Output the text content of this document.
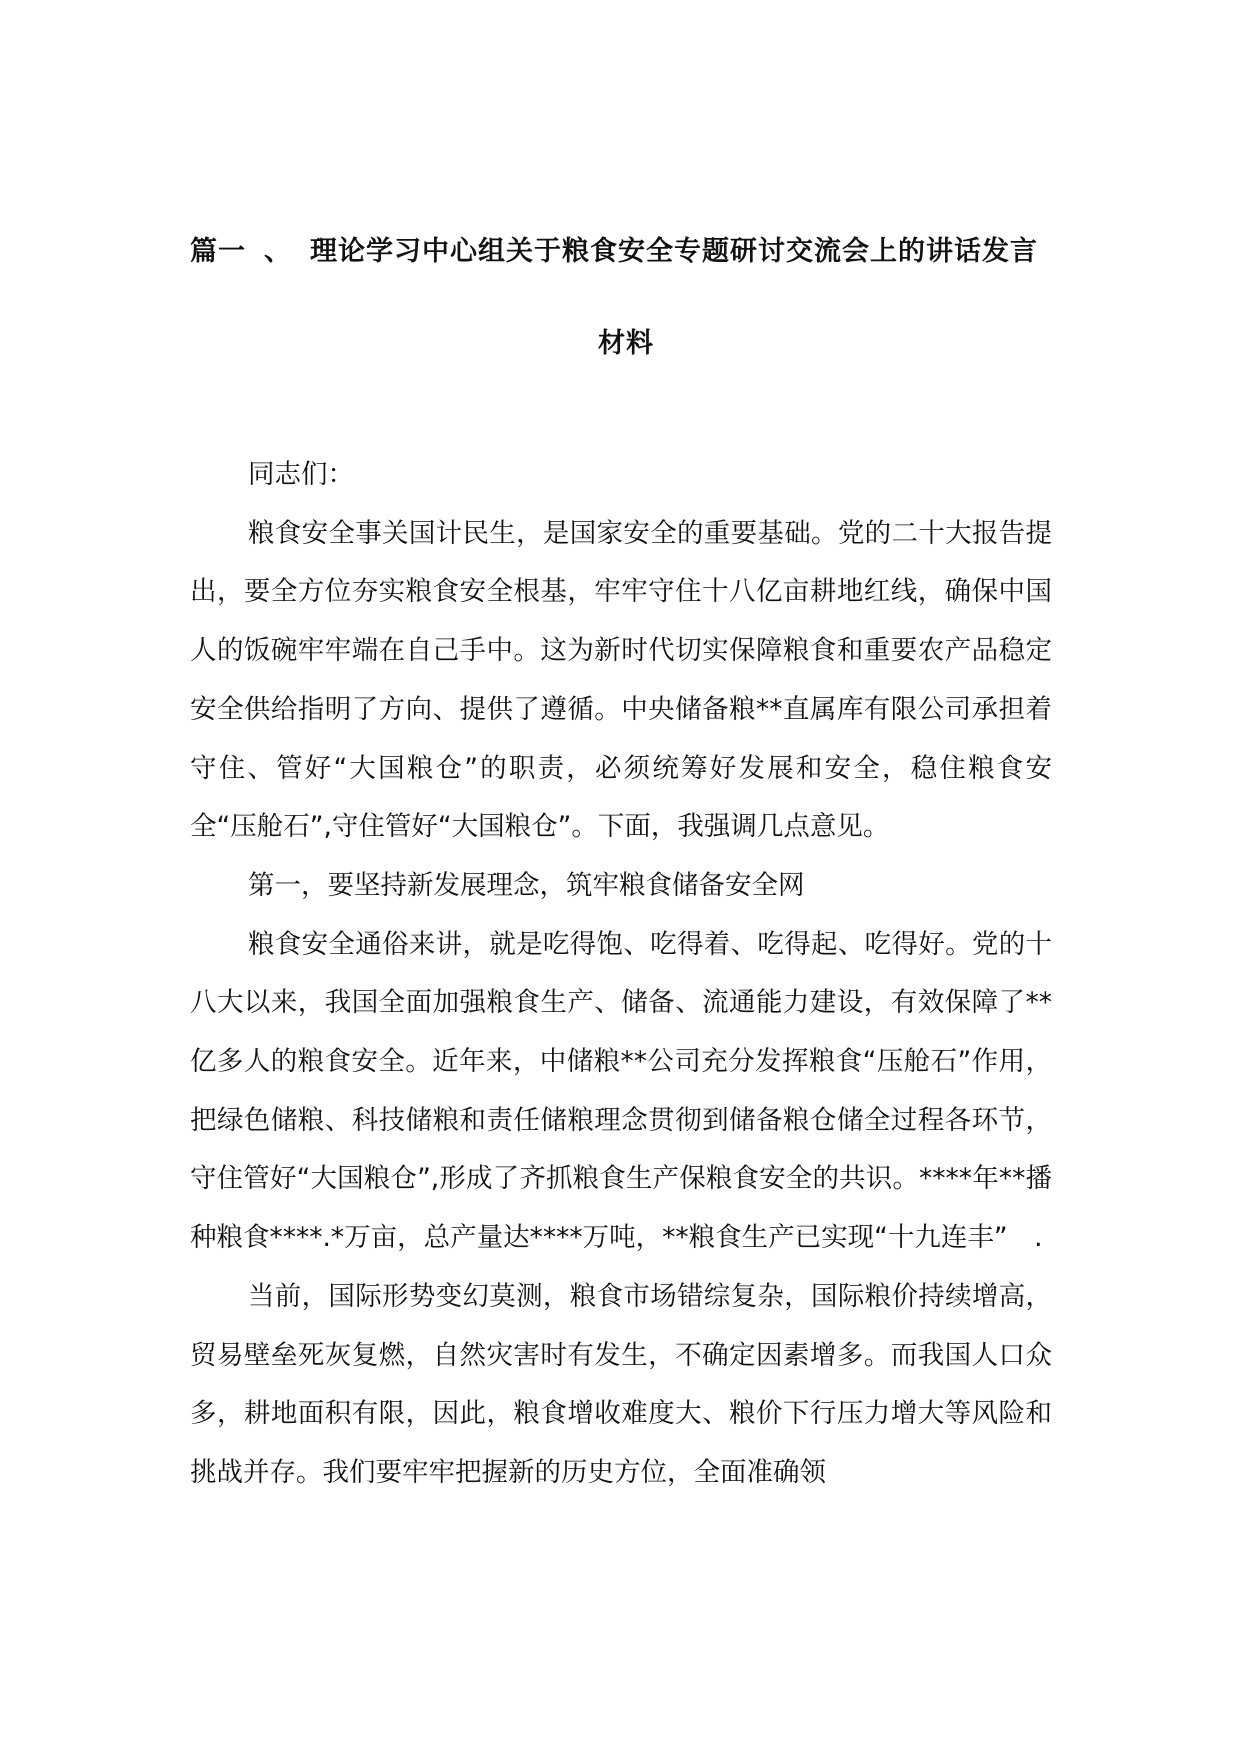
篇一 、 理论学习中心组关于粮食安全专题研讨交流会上的讲话发言
材料

同志们：

粮食安全事关国计民生，是国家安全的重要基础。党的二十大报告提出，要全方位夯实粮食安全根基，牢牢守住十八亿亩耕地红线，确保中国人的饭碗牢牢端在自己手中。这为新时代切实保障粮食和重要农产品稳定安全供给指明了方向、提供了遵循。中央储备粮**直属库有限公司承担着守住、管好“大国粮仓”的职责，必须统筹好发展和安全，稳住粮食安全“压舱石”,守住管好“大国粮仓”。下面，我强调几点意见。

第一，要坚持新发展理念，筑牢粮食储备安全网

粮食安全通俗来讲，就是吃得饱、吃得着、吃得起、吃得好。党的十八大以来，我国全面加强粮食生产、储备、流通能力建设，有效保障了**亿多人的粮食安全。近年来，中储粮**公司充分发挥粮食“压舱石”作用，把绿色储粮、科技储粮和责任储粮理念贯彻到储备粮仓储全过程各环节，守住管好“大国粮仓”,形成了齐抓粮食生产保粮食安全的共识。****年**播种粮食****.*万亩，总产量达****万吨，**粮食生产已实现“十九连丰”　.

当前，国际形势变幻莫测，粮食市场错综复杂，国际粮价持续增高，贸易壁垒死灰复燃，自然灾害时有发生，不确定因素增多。而我国人口众多，耕地面积有限，因此，粮食增收难度大、粮价下行压力增大等风险和挑战并存。我们要牢牢把握新的历史方位，全面准确领
